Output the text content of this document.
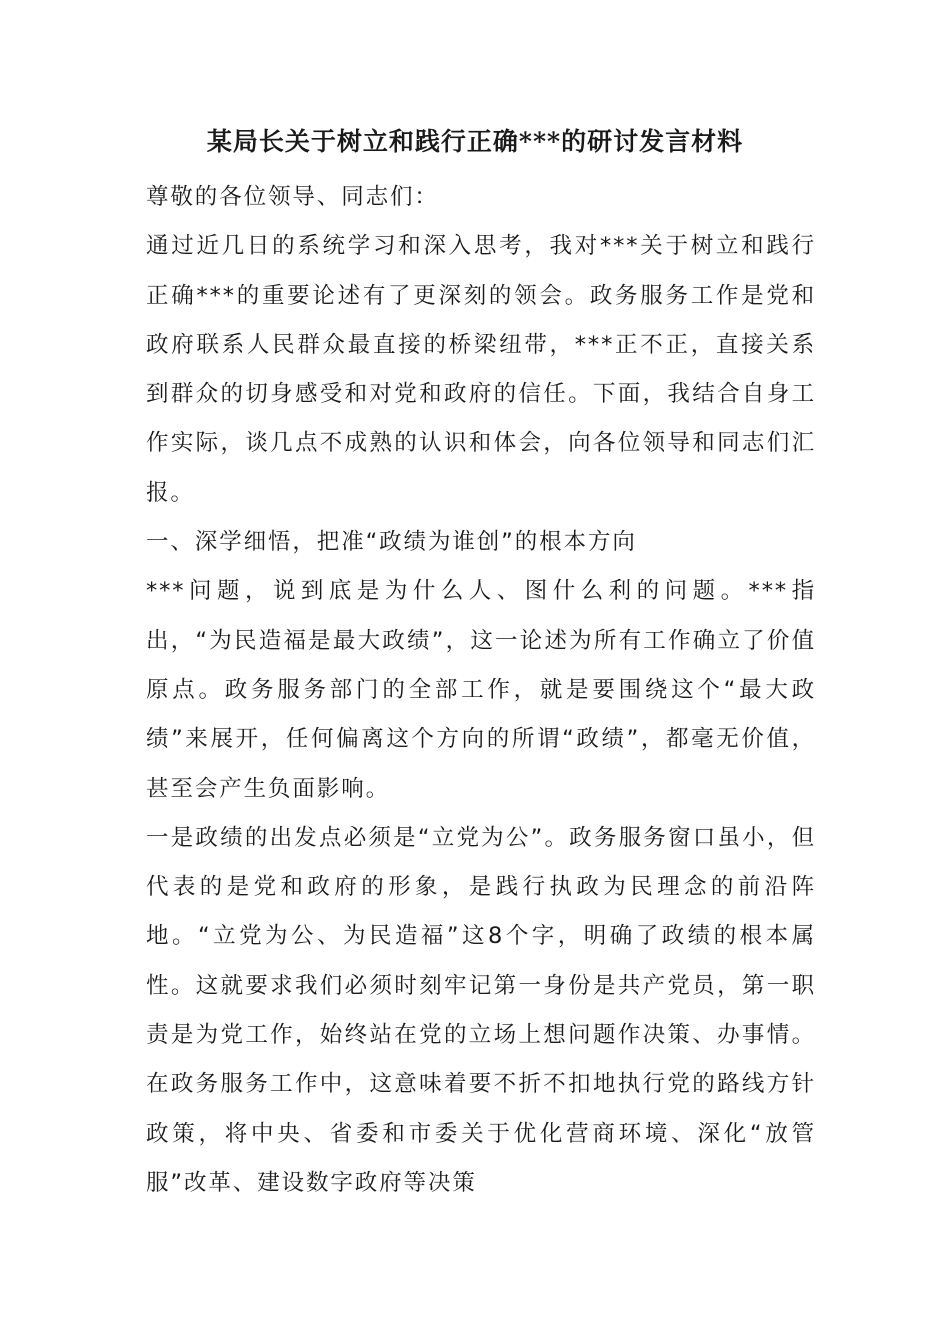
某局长关于树立和践行正确***的研讨发言材料

尊敬的各位领导、同志们：

通过近几日的系统学习和深入思考，我对***关于树立和践行正确***的重要论述有了更深刻的领会。政务服务工作是党和政府联系人民群众最直接的桥梁纽带，***正不正，直接关系到群众的切身感受和对党和政府的信任。下面，我结合自身工作实际，谈几点不成熟的认识和体会，向各位领导和同志们汇报。

一、深学细悟，把准“政绩为谁创”的根本方向

***问题，说到底是为什么人、图什么利的问题。***指出，“为民造福是最大政绩”，这一论述为所有工作确立了价值原点。政务服务部门的全部工作，就是要围绕这个“最大政绩”来展开，任何偏离这个方向的所谓“政绩”，都毫无价值，甚至会产生负面影响。

一是政绩的出发点必须是“立党为公”。政务服务窗口虽小，但代表的是党和政府的形象，是践行执政为民理念的前沿阵地。“立党为公、为民造福”这8个字，明确了政绩的根本属性。这就要求我们必须时刻牢记第一身份是共产党员，第一职责是为党工作，始终站在党的立场上想问题作决策、办事情。在政务服务工作中，这意味着要不折不扣地执行党的路线方针政策，将中央、省委和市委关于优化营商环境、深化“放管服”改革、建设数字政府等决策
